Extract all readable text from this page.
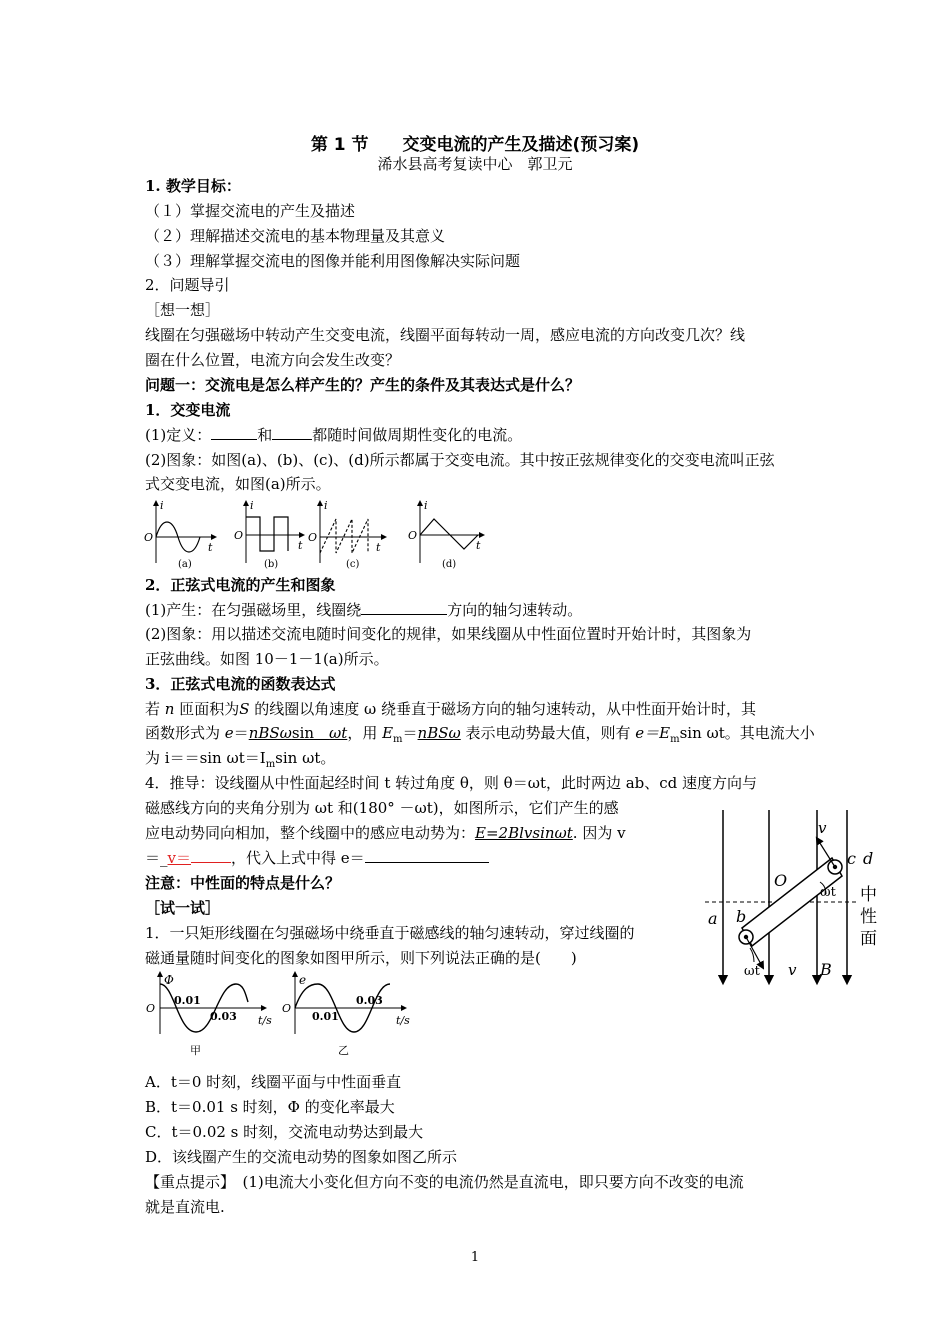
第 1 节　　交变电流的产生及描述(预习案)
浠水县高考复读中心　郭卫元
1. 教学目标：
（１）掌握交流电的产生及描述
（２）理解描述交流电的基本物理量及其意义
（３）理解掌握交流电的图像并能利用图像解决实际问题
2．问题导引
［想一想］
线圈在匀强磁场中转动产生交变电流，线圈平面每转动一周，感应电流的方向改变几次？线
圈在什么位置，电流方向会发生改变？
问题一：交流电是怎么样产生的？产生的条件及其表达式是什么？
1．交变电流
(1)定义：	和	都随时间做周期性变化的电流。
(2)图象：如图(a)、(b)、(c)、(d)所示都属于交变电流。其中按正弦规律变化的交变电流叫正弦
式交变电流，如图(a)所示。
i
O
t
(a)
i
O
t
(b)
i
O
t
(c)
i
O
t
(d)
2．正弦式电流的产生和图象
(1)产生：在匀强磁场里，线圈绕	方向的轴匀速转动。
(2)图象：用以描述交流电随时间变化的规律，如果线圈从中性面位置时开始计时，其图象为
正弦曲线。如图 10－1－1(a)所示。
3．正弦式电流的函数表达式
若 n 匝面积为S 的线圈以角速度 ω 绕垂直于磁场方向的轴匀速转动，从中性面开始计时，其
函数形式为 e＝nBSωsin　ωt，用 $E_m=nBS\omega$ 表示电动势最大值，则有 $e=E_m\sin$ ωt。其电流大小
为 i＝＝sin $\omega t=I_m\sin$ ωt。
4．推导：设线圈从中性面起经时间 t 转过角度 θ，则 θ＝ωt，此时两边 ab、cd 速度方向与
磁感线方向的夹角分别为 ωt 和(180° －ωt)，如图所示，它们产生的感
应电动势同向相加，整个线圈中的感应电动势为：E=2Blvsinωt. 因为 v
＝_v＝	，代入上式中得 e＝
注意：中性面的特点是什么？
v
c d
O
ωt 中
性
面
a b
ωt v B
［试一试］
1．一只矩形线圈在匀强磁场中绕垂直于磁感线的轴匀速转动，穿过线圈的
磁通量随时间变化的图象如图甲所示，则下列说法正确的是(　　)
Φ
O
0.01
0.03 t/s
甲
e
O
0.01
0.03
t/s
乙
A．t＝0 时刻，线圈平面与中性面垂直
B．t＝0.01 s 时刻，Φ 的变化率最大
C．t＝0.02 s 时刻，交流电动势达到最大
D．该线圈产生的交流电动势的图象如图乙所示
【重点提示】　(1)电流大小变化但方向不变的电流仍然是直流电，即只要方向不改变的电流
就是直流电.
1
